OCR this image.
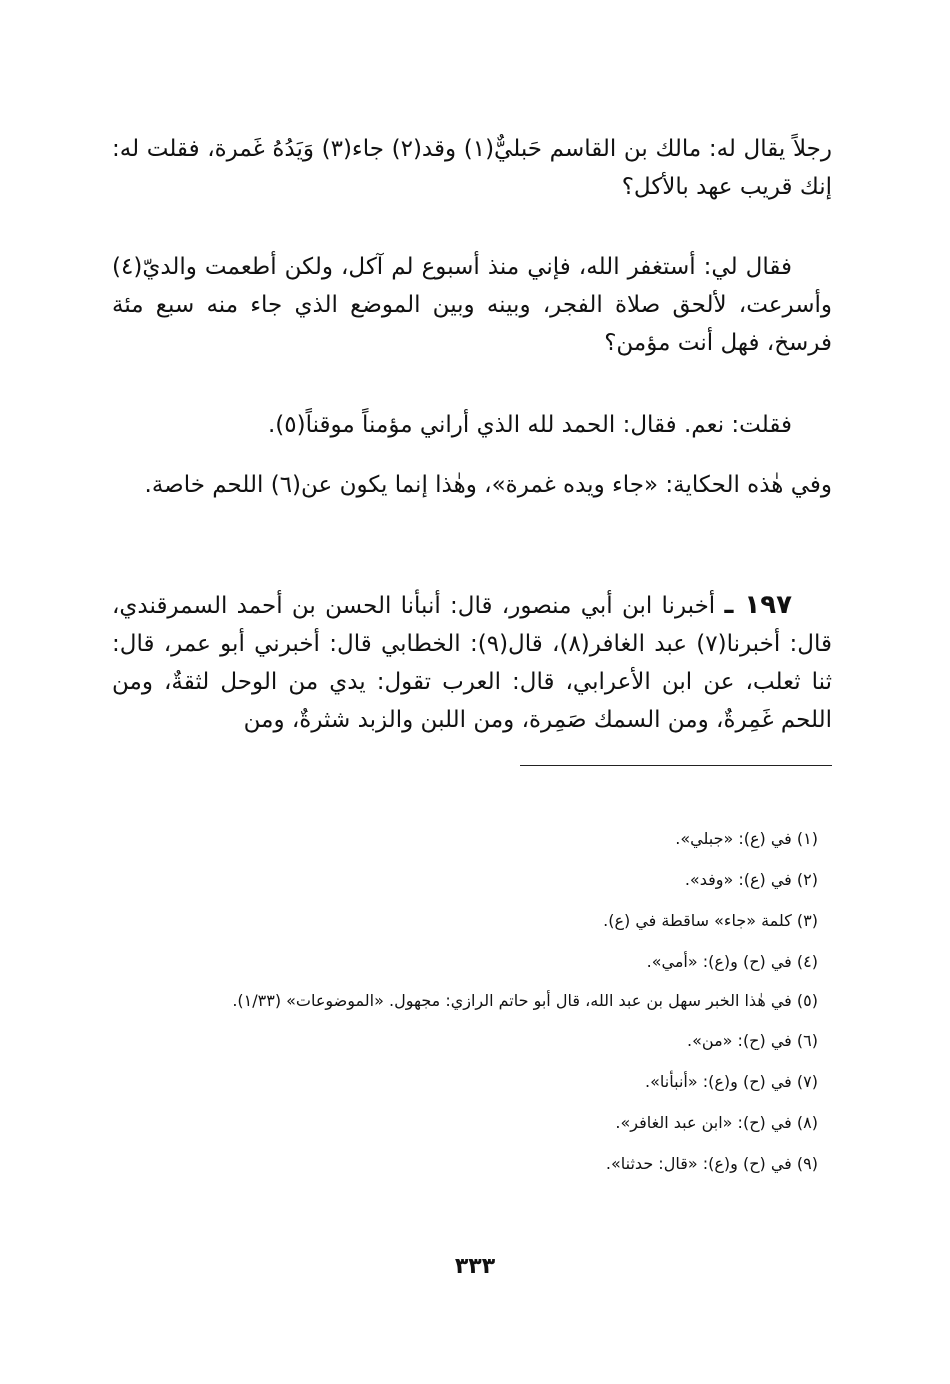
رجلاً يقال له: مالك بن القاسم حَبليٌّ(١) وقد(٢) جاء(٣) وَيَدُهُ غَمرة، فقلت له: إنك قريب عهد بالأكل؟

فقال لي: أستغفر الله، فإني منذ أسبوع لم آكل، ولكن أطعمت والديّ(٤) وأسرعت، لألحق صلاة الفجر، وبينه وبين الموضع الذي جاء منه سبع مئة فرسخ، فهل أنت مؤمن؟

فقلت: نعم. فقال: الحمد لله الذي أراني مؤمناً موقناً(٥).

وفي هٰذه الحكاية: «جاء ويده غمرة»، وهٰذا إنما يكون عن(٦) اللحم خاصة.

١٩٧ ـ أخبرنا ابن أبي منصور، قال: أنبأنا الحسن بن أحمد السمرقندي، قال: أخبرنا(٧) عبد الغافر(٨)، قال(٩): الخطابي قال: أخبرني أبو عمر، قال: ثنا ثعلب، عن ابن الأعرابي، قال: العرب تقول: يدي من الوحل لثقةٌ، ومن اللحم غَمِرةٌ، ومن السمك صَمِرة، ومن اللبن والزبد شثرةٌ، ومن

(١) في (ع): «جبلي».

(٢) في (ع): «وفد».

(٣) كلمة «جاء» ساقطة في (ع).

(٤) في (ح) و(ع): «أمي».

(٥) في هٰذا الخبر سهل بن عبد الله، قال أبو حاتم الرازي: مجهول. «الموضوعات» (١/٣٣).

(٦) في (ح): «من».

(٧) في (ح) و(ع): «أنبأنا».

(٨) في (ح): «ابن عبد الغافر».

(٩) في (ح) و(ع): «قال: حدثنا».

٣٣٣
